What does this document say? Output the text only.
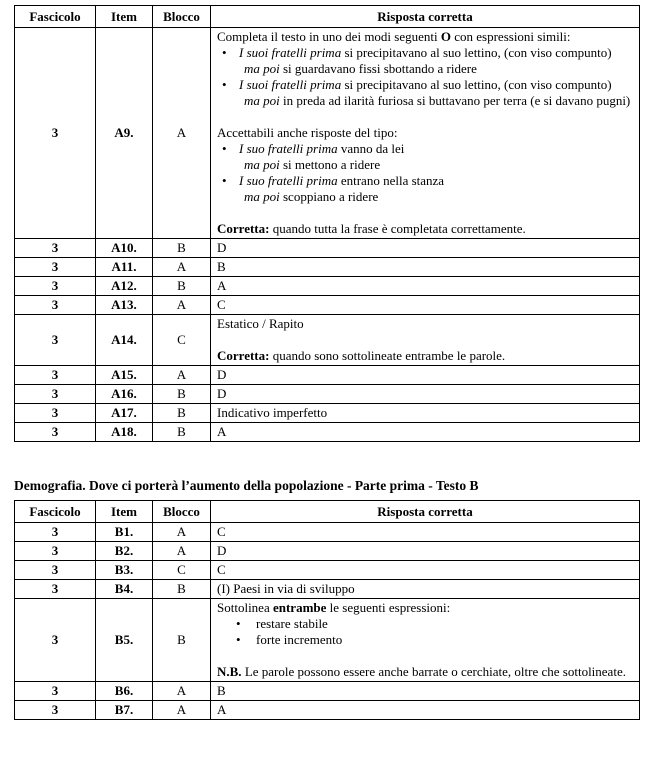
Fascicolo	Item	Blocco	Risposta corretta
3	A9.	A	
Completa il testo in uno dei modi seguenti O con espressioni simili:
• I suoi fratelli prima si precipitavano al suo lettino, (con viso compunto)
ma poi si guardavano fissi sbottando a ridere
• I suoi fratelli prima si precipitavano al suo lettino, (con viso compunto)
ma poi in preda ad ilarità furiosa si buttavano per terra (e si davano pugni)
Accettabili anche risposte del tipo:
• I suo fratelli prima vanno da lei
ma poi si mettono a ridere
• I suo fratelli prima entrano nella stanza
ma poi scoppiano a ridere
Corretta: quando tutta la frase è completata correttamente.

3	A10.	B	D

3	A11.	A	B

3	A12.	B	A

3	A13.	A	C

3	A14.	C	Estatico / Rapito
Corretta: quando sono sottolineate entrambe le parole.

3	A15.	A	D

3	A16.	B	D

3	A17.	B	Indicativo imperfetto

3	A18.	B	A
Demografia. Dove ci porterà l’aumento della popolazione - Parte prima - Testo B
Fascicolo	Item	Blocco	Risposta corretta
3	B1.	A	C

3	B2.	A	D

3	B3.	C	C

3	B4.	B	(I) Paesi in via di sviluppo

3	B5.	B	
Sottolinea entrambe le seguenti espressioni:
•	restare stabile
•	forte incremento
N.B. Le parole possono essere anche barrate o cerchiate, oltre che sottolineate.

3	B6.	A	B

3	B7.	A	A
